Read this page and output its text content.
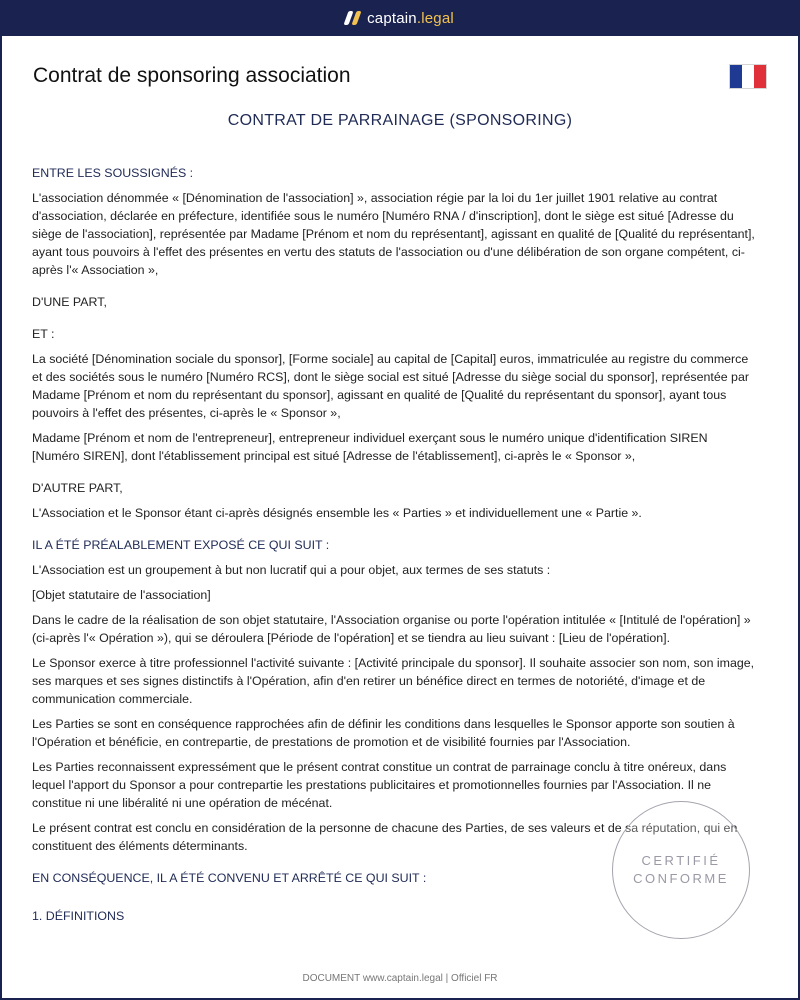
captain.legal
Contrat de sponsoring association
CONTRAT DE PARRAINAGE (SPONSORING)

ENTRE LES SOUSSIGNÉS :

L'association dénommée « [Dénomination de l'association] », association régie par la loi du 1er juillet 1901 relative au contrat d'association, déclarée en préfecture, identifiée sous le numéro [Numéro RNA / d'inscription], dont le siège est situé [Adresse du siège de l'association], représentée par Madame [Prénom et nom du représentant], agissant en qualité de [Qualité du représentant], ayant tous pouvoirs à l'effet des présentes en vertu des statuts de l'association ou d'une délibération de son organe compétent, ci-après l'« Association »,

D'UNE PART,

ET :

La société [Dénomination sociale du sponsor], [Forme sociale] au capital de [Capital] euros, immatriculée au registre du commerce et des sociétés sous le numéro [Numéro RCS], dont le siège social est situé [Adresse du siège social du sponsor], représentée par Madame [Prénom et nom du représentant du sponsor], agissant en qualité de [Qualité du représentant du sponsor], ayant tous pouvoirs à l'effet des présentes, ci-après le « Sponsor »,

Madame [Prénom et nom de l'entrepreneur], entrepreneur individuel exerçant sous le numéro unique d'identification SIREN [Numéro SIREN], dont l'établissement principal est situé [Adresse de l'établissement], ci-après le « Sponsor »,

D'AUTRE PART,

L'Association et le Sponsor étant ci-après désignés ensemble les « Parties » et individuellement une « Partie ».

IL A ÉTÉ PRÉALABLEMENT EXPOSÉ CE QUI SUIT :

L'Association est un groupement à but non lucratif qui a pour objet, aux termes de ses statuts :

[Objet statutaire de l'association]

Dans le cadre de la réalisation de son objet statutaire, l'Association organise ou porte l'opération intitulée « [Intitulé de l'opération] » (ci-après l'« Opération »), qui se déroulera [Période de l'opération] et se tiendra au lieu suivant : [Lieu de l'opération].

Le Sponsor exerce à titre professionnel l'activité suivante : [Activité principale du sponsor]. Il souhaite associer son nom, son image, ses marques et ses signes distinctifs à l'Opération, afin d'en retirer un bénéfice direct en termes de notoriété, d'image et de communication commerciale.

Les Parties se sont en conséquence rapprochées afin de définir les conditions dans lesquelles le Sponsor apporte son soutien à l'Opération et bénéficie, en contrepartie, de prestations de promotion et de visibilité fournies par l'Association.

Les Parties reconnaissent expressément que le présent contrat constitue un contrat de parrainage conclu à titre onéreux, dans lequel l'apport du Sponsor a pour contrepartie les prestations publicitaires et promotionnelles fournies par l'Association. Il ne constitue ni une libéralité ni une opération de mécénat.

Le présent contrat est conclu en considération de la personne de chacune des Parties, de ses valeurs et de sa réputation, qui en constituent des éléments déterminants.

EN CONSÉQUENCE, IL A ÉTÉ CONVENU ET ARRÊTÉ CE QUI SUIT :

1. DÉFINITIONS

CERTIFIÉ
CONFORME
DOCUMENT www.captain.legal | Officiel FR
